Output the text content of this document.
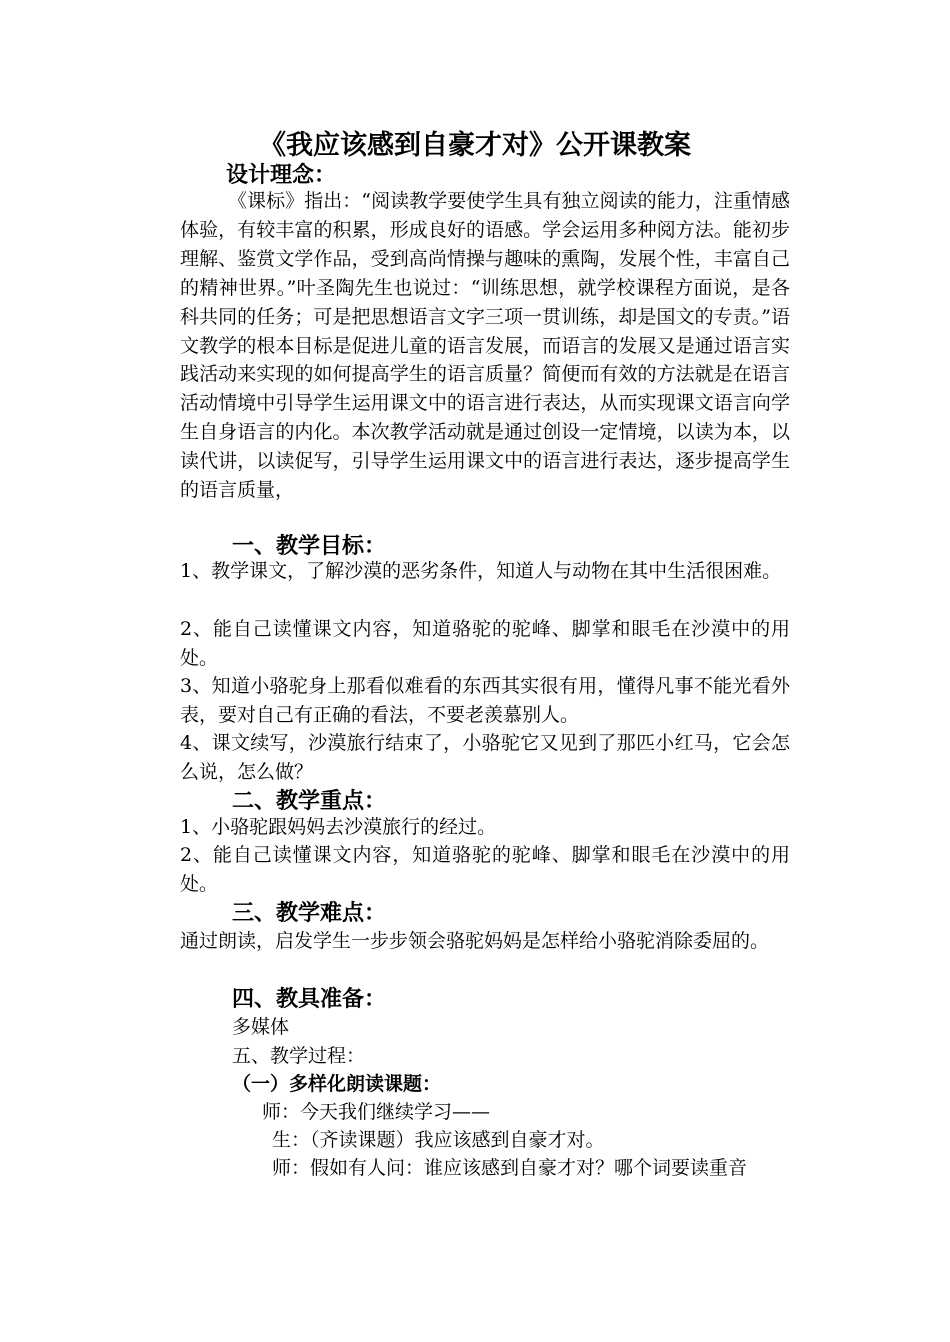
《我应该感到自豪才对》公开课教案
设计理念：
《课标》指出：“阅读教学要使学生具有独立阅读的能力，注重情感体验，有较丰富的积累，形成良好的语感。学会运用多种阅方法。能初步理解、鉴赏文学作品，受到高尚情操与趣味的熏陶，发展个性，丰富自己的精神世界。”叶圣陶先生也说过：“训练思想，就学校课程方面说，是各科共同的任务；可是把思想语言文字三项一贯训练，却是国文的专责。”语文教学的根本目标是促进儿童的语言发展，而语言的发展又是通过语言实践活动来实现的如何提高学生的语言质量？简便而有效的方法就是在语言活动情境中引导学生运用课文中的语言进行表达，从而实现课文语言向学生自身语言的内化。本次教学活动就是通过创设一定情境，以读为本，以读代讲，以读促写，引导学生运用课文中的语言进行表达，逐步提高学生的语言质量，
一、教学目标：
1、教学课文，了解沙漠的恶劣条件，知道人与动物在其中生活很困难。
2、能自己读懂课文内容，知道骆驼的驼峰、脚掌和眼毛在沙漠中的用处。
3、知道小骆驼身上那看似难看的东西其实很有用，懂得凡事不能光看外表，要对自己有正确的看法，不要老羡慕别人。
4、课文续写，沙漠旅行结束了，小骆驼它又见到了那匹小红马，它会怎么说，怎么做？
二、教学重点：
1、小骆驼跟妈妈去沙漠旅行的经过。
2、能自己读懂课文内容，知道骆驼的驼峰、脚掌和眼毛在沙漠中的用处。
三、教学难点：
通过朗读，启发学生一步步领会骆驼妈妈是怎样给小骆驼消除委屈的。
四、教具准备：
多媒体
五、教学过程：
（一）多样化朗读课题：
师：今天我们继续学习——
生：（齐读课题）我应该感到自豪才对。
师：假如有人问：谁应该感到自豪才对？哪个词要读重音
